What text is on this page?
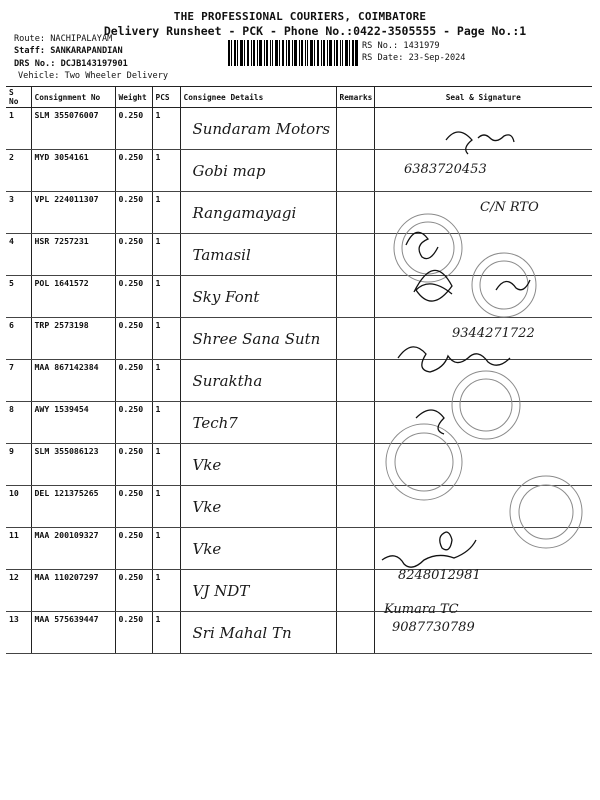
THE PROFESSIONAL COURIERS, COIMBATORE
Delivery Runsheet - PCK - Phone No.:0422-3505555 - Page No.:1
Route: NACHIPALAYAM
Staff: SANKARAPANDIAN
DRS No.: DCJB143197901
Vehicle: Two Wheeler Delivery
RS No.: 1431979
RS Date: 23-Sep-2024
S No	Consignment No	Weight	PCS	Consignee Details	Remarks	Seal & Signature
1	SLM 355076007	0.250	1	Sundaram Motors		

2	MYD 3054161	0.250	1	Gobi map		

3	VPL 224011307	0.250	1	Rangamayagi		

4	HSR 7257231	0.250	1	Tamasil		

5	POL 1641572	0.250	1	Sky Font		

6	TRP 2573198	0.250	1	Shree Sana Sutn		

7	MAA 867142384	0.250	1	Suraktha		

8	AWY 1539454	0.250	1	Tech7		

9	SLM 355086123	0.250	1	Vke		

10	DEL 121375265	0.250	1	Vke		

11	MAA 200109327	0.250	1	Vke		

12	MAA 110207297	0.250	1	VJ NDT		

13	MAA 575639447	0.250	1	Sri Mahal Tn		

6383720453
C/N RTO
9344271722
8248012981
Kumara TC
9087730789
